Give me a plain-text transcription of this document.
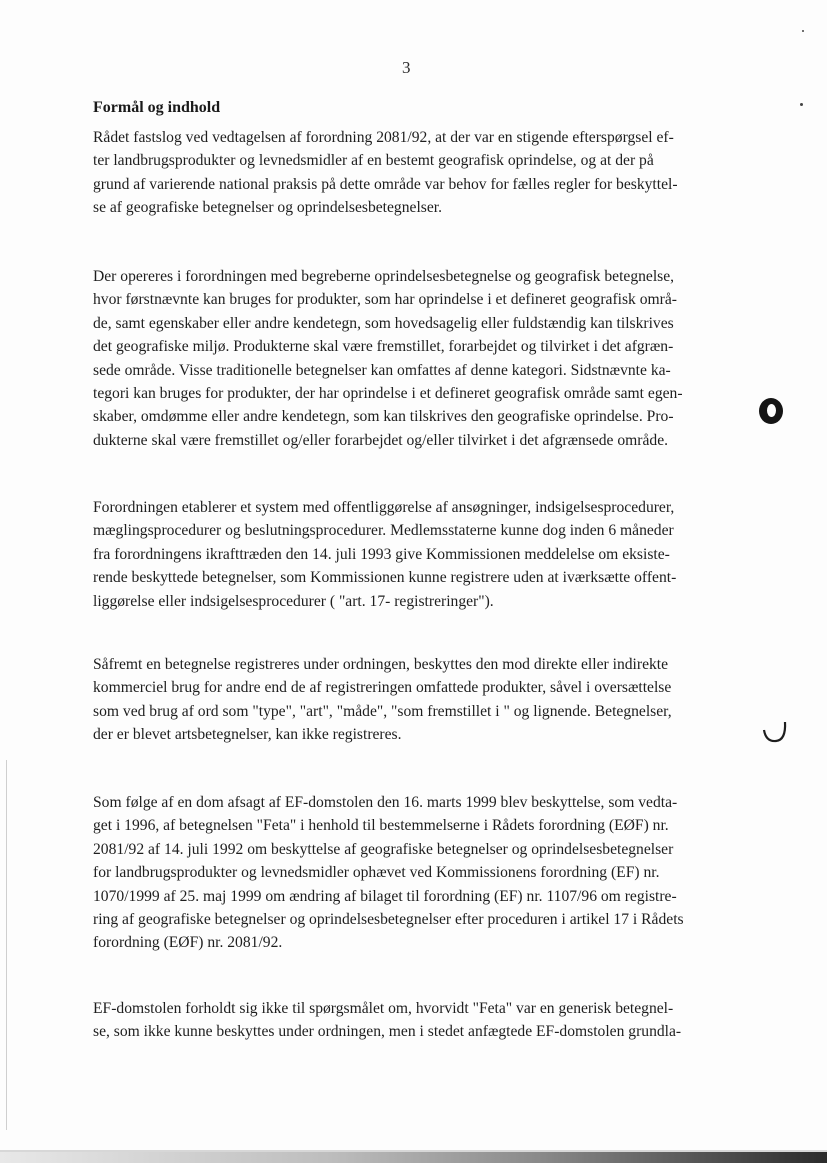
3
Formål og indhold
Rådet fastslog ved vedtagelsen af forordning 2081/92, at der var en stigende efterspørgsel ef-
ter landbrugsprodukter og levnedsmidler af en bestemt geografisk oprindelse, og at der på
grund af varierende national praksis på dette område var behov for fælles regler for beskyttel-
se af geografiske betegnelser og oprindelsesbetegnelser.
Der opereres i forordningen med begreberne oprindelsesbetegnelse og geografisk betegnelse,
hvor førstnævnte kan bruges for produkter, som har oprindelse i et defineret geografisk områ-
de, samt egenskaber eller andre kendetegn, som hovedsagelig eller fuldstændig kan tilskrives
det geografiske miljø. Produkterne skal være fremstillet, forarbejdet og tilvirket i det afgræn-
sede område. Visse traditionelle betegnelser kan omfattes af denne kategori. Sidstnævnte ka-
tegori kan bruges for produkter, der har oprindelse i et defineret geografisk område samt egen-
skaber, omdømme eller andre kendetegn, som kan tilskrives den geografiske oprindelse. Pro-
dukterne skal være fremstillet og/eller forarbejdet og/eller tilvirket i det afgrænsede område.
Forordningen etablerer et system med offentliggørelse af ansøgninger, indsigelsesprocedurer,
mæglingsprocedurer og beslutningsprocedurer. Medlemsstaterne kunne dog inden 6 måneder
fra forordningens ikrafttræden den 14. juli 1993 give Kommissionen meddelelse om eksiste-
rende beskyttede betegnelser, som Kommissionen kunne registrere uden at iværksætte offent-
liggørelse eller indsigelsesprocedurer ( "art. 17- registreringer").
Såfremt en betegnelse registreres under ordningen, beskyttes den mod direkte eller indirekte
kommerciel brug for andre end de af registreringen omfattede produkter, såvel i oversættelse
som ved brug af ord som "type", "art", "måde", "som fremstillet i " og lignende. Betegnelser,
der er blevet artsbetegnelser, kan ikke registreres.
Som følge af en dom afsagt af EF-domstolen den 16. marts 1999 blev beskyttelse, som vedta-
get i 1996, af betegnelsen "Feta" i henhold til bestemmelserne i Rådets forordning (EØF) nr.
2081/92 af 14. juli 1992 om beskyttelse af geografiske betegnelser og oprindelsesbetegnelser
for landbrugsprodukter og levnedsmidler ophævet ved Kommissionens forordning (EF) nr.
1070/1999 af 25. maj 1999 om ændring af bilaget til forordning (EF) nr. 1107/96 om registre-
ring af geografiske betegnelser og oprindelsesbetegnelser efter proceduren i artikel 17 i Rådets
forordning (EØF) nr. 2081/92.
EF-domstolen forholdt sig ikke til spørgsmålet om, hvorvidt "Feta" var en generisk betegnel-
se, som ikke kunne beskyttes under ordningen, men i stedet anfægtede EF-domstolen grundla-
